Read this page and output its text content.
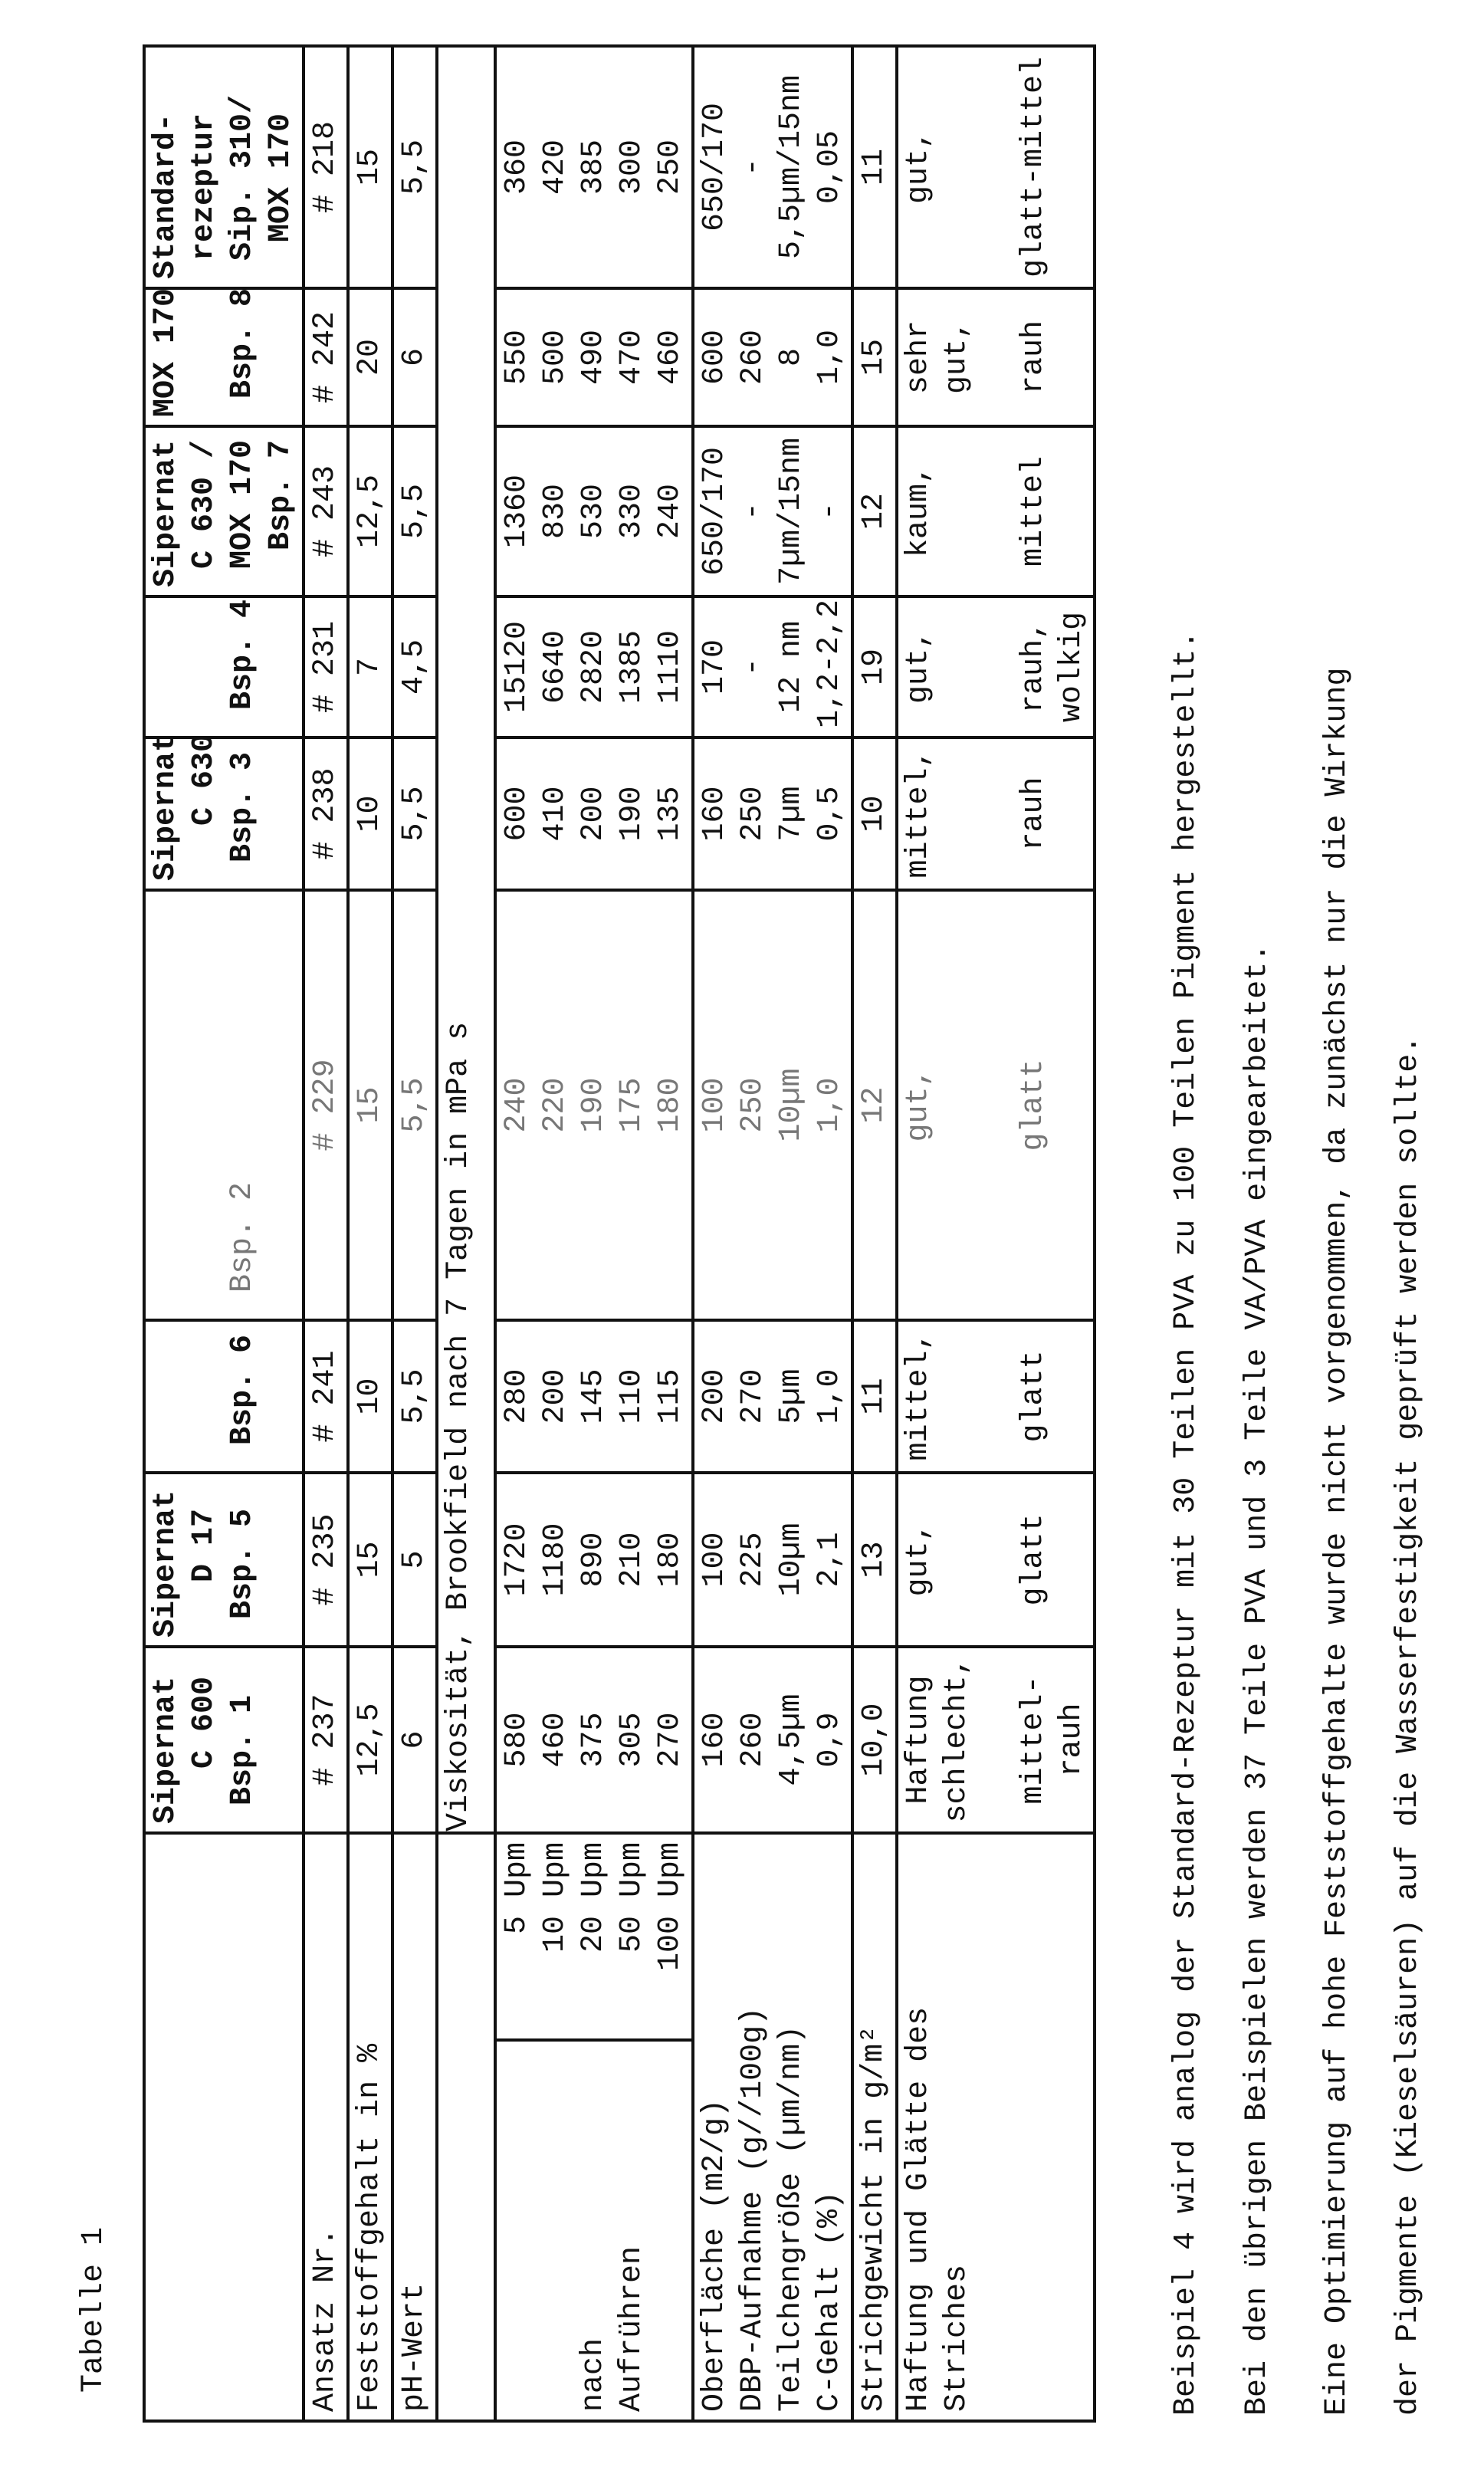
Tabelle 1
	Sipernat
C 600
Bsp. 1	Sipernat
D 17
Bsp. 5	

Bsp. 6	

Bsp. 2	Sipernat
C 630
Bsp. 3	

Bsp. 4	Sipernat
C 630 /
MOX 170
Bsp. 7	MOX 170

Bsp. 8	Standard-
rezeptur
Sip. 310/
MOX 170
Ansatz Nr.	# 237	# 235	# 241	# 229	# 238	# 231	# 243	# 242	# 218
Feststoffgehalt in %	12,5	15	10	15	10	7	12,5	20	15
pH-Wert	6	5	5,5	5,5	5,5	4,5	5,5	6	5,5
	Viskosität, Brookfield nach 7 Tagen in mPa s

nach
Aufrühren	5 Upm
10 Upm
20 Upm
50 Upm
100 Upm	580
460
375
305
270	1720
1180
890
210
180	280
200
145
110
115	240
220
190
175
180	600
410
200
190
135	15120
6640
2820
1385
1110	1360
830
530
330
240	550
500
490
470
460	360
420
385
300
250
Oberfläche (m2/g)
DBP-Aufnahme (g//100g)
Teilchengröße (µm/nm)
C-Gehalt (%)	160
260
4,5µm
0,9	100
225
10µm
2,1	200
270
5µm
1,0	100
250
10µm
1,0	160
250
7µm
0,5	170
-
12 nm
1,2-2,2	650/170
-
7µm/15nm
-	600
260
8
1,0	650/170
-
5,5µm/15nm
0,05
Strichgewicht in g/m²	10,0	13	11	12	10	19	12	15	11
Haftung und Glätte des
Striches	Haftung
schlecht,

mittel-
rauh	gut,

glatt	mittel,

glatt	gut,

glatt	mittel,

rauh	gut,

rauh,
wolkig	kaum,

mittel	sehr
gut,

rauh	gut,

glatt-mittel
Beispiel 4 wird analog der Standard-Rezeptur mit 30 Teilen PVA zu 100 Teilen Pigment hergestellt. Bei den übrigen Beispielen werden 37 Teile PVA und 3 Teile VA/PVA eingearbeitet. Eine Optimierung auf hohe Feststoffgehalte wurde nicht vorgenommen, da zunächst nur die Wirkung der Pigmente (Kieselsäuren) auf die Wasserfestigkeit geprüft werden sollte.
